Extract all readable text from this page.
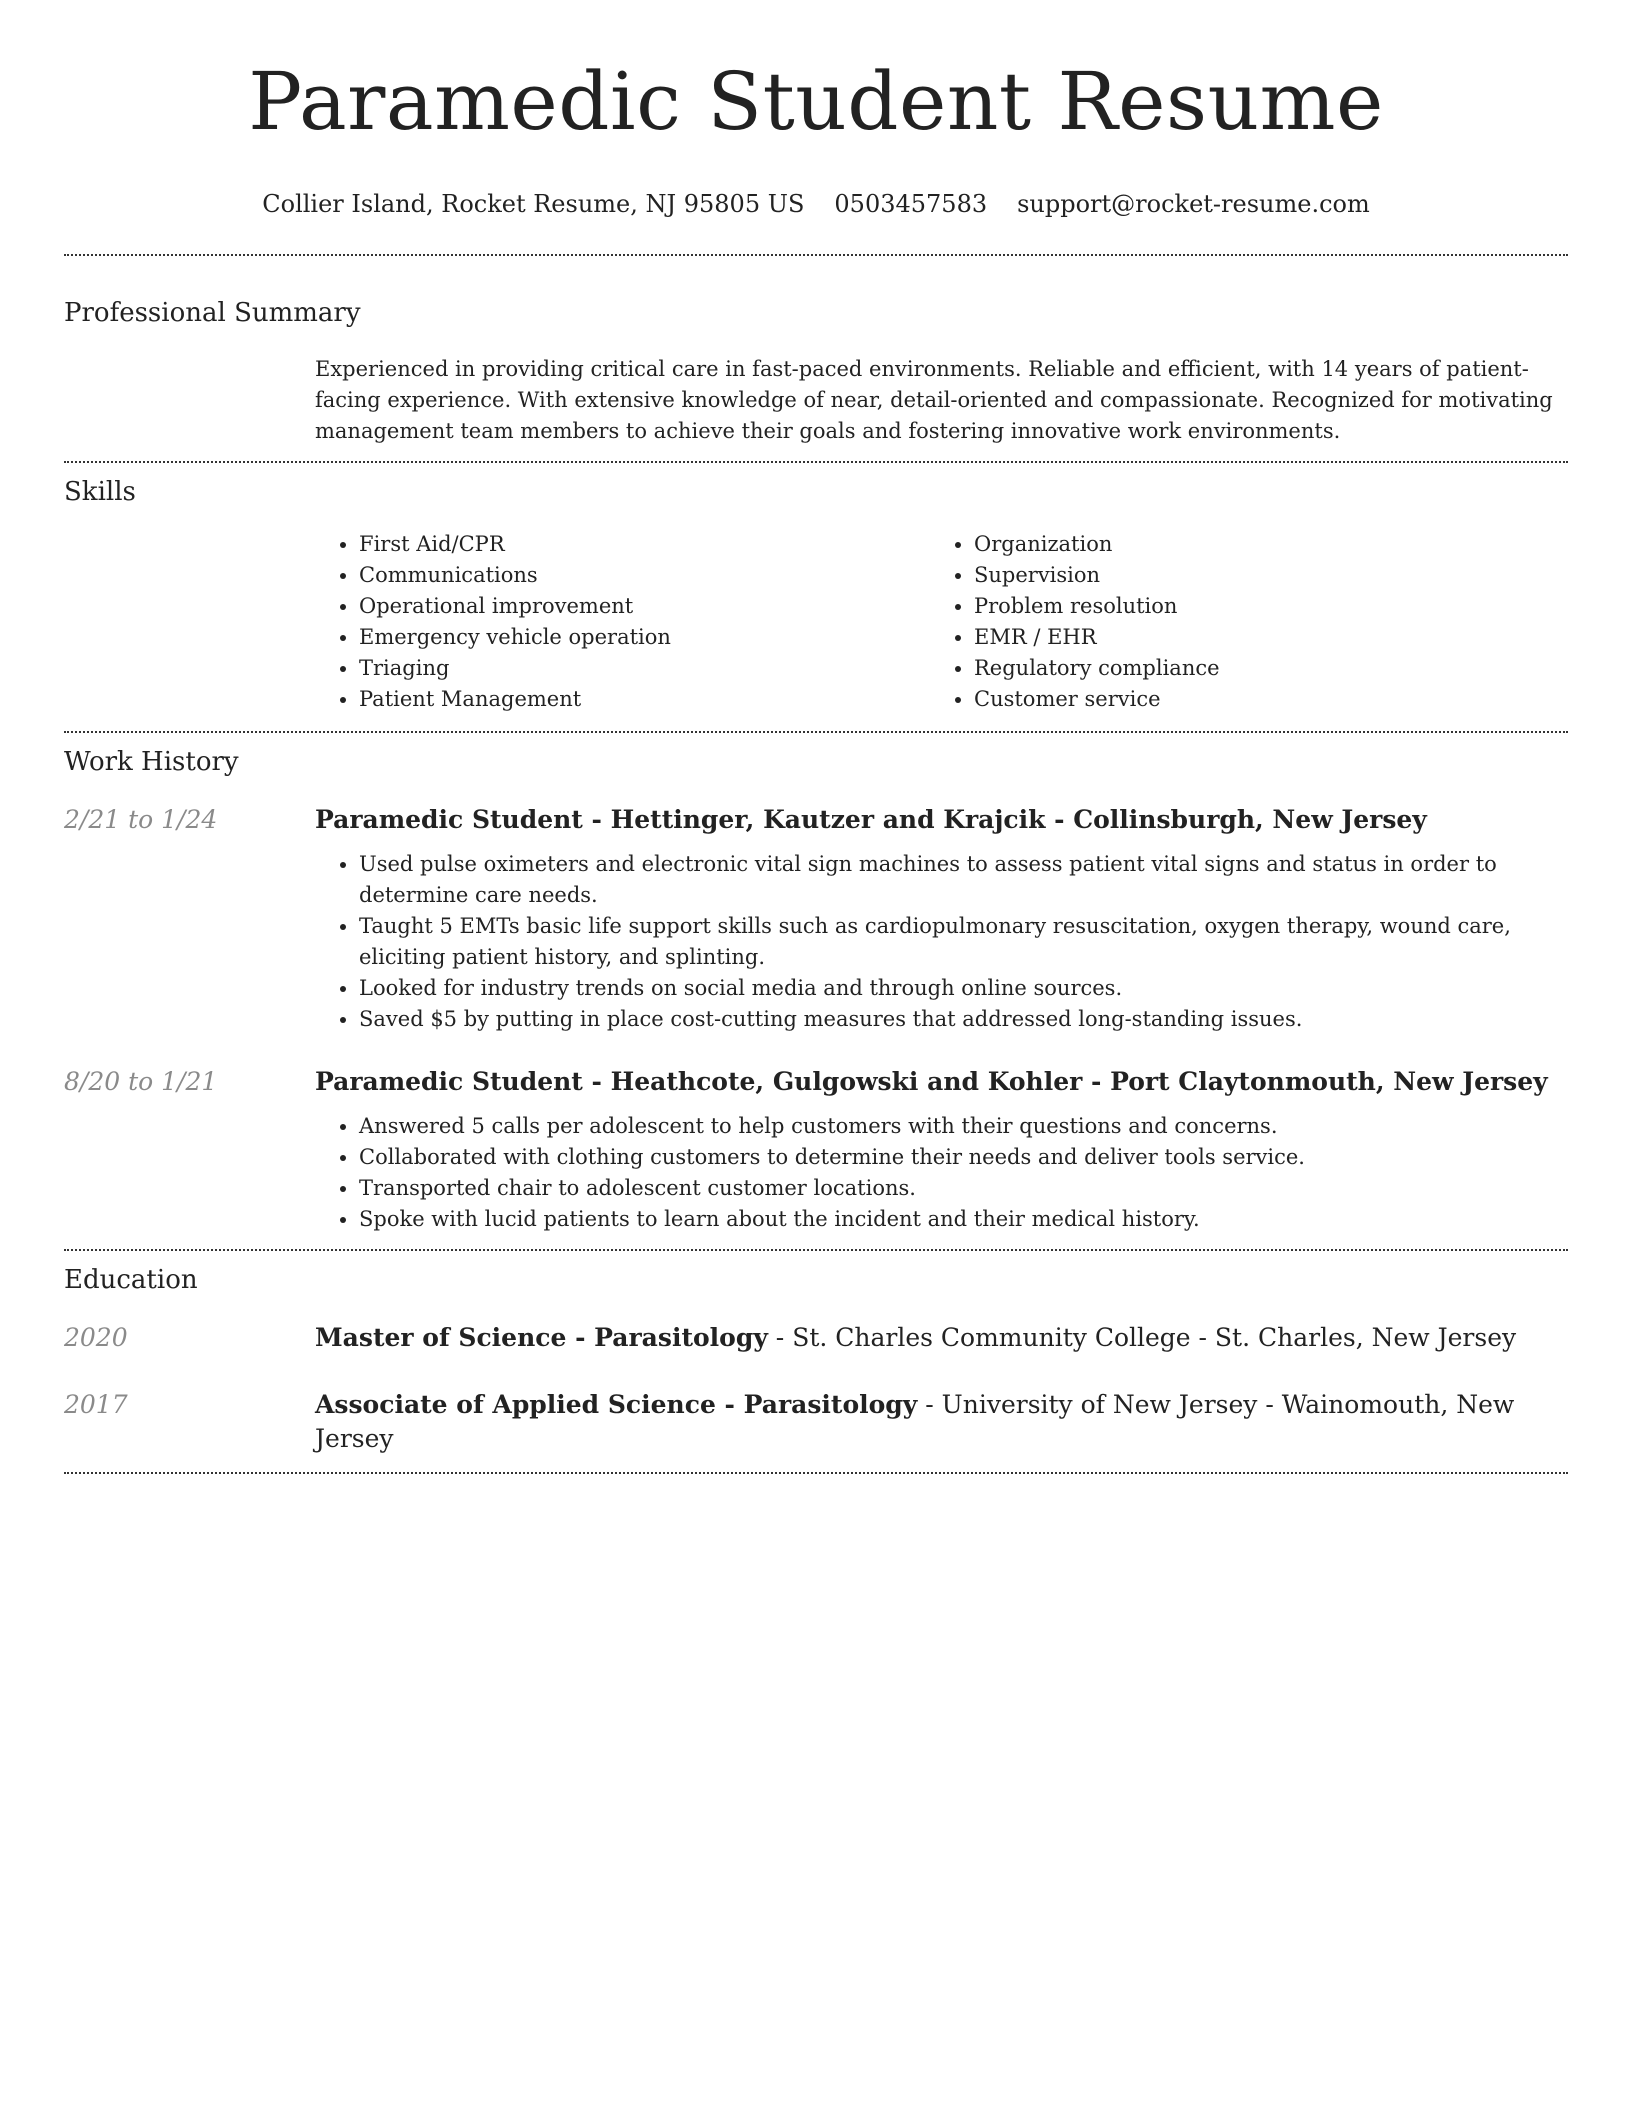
Paramedic Student Resume
Collier Island, Rocket Resume, NJ 95805 US 0503457583 support@rocket-resume.com
Professional Summary

Experienced in providing critical care in fast-paced environments. Reliable and efficient, with 14 years of patient-facing experience. With extensive knowledge of near, detail-oriented and compassionate. Recognized for motivating management team members to achieve their goals and fostering innovative work environments.

Skills
• First Aid/CPR
• Communications
• Operational improvement
• Emergency vehicle operation
• Triaging
• Patient Management
• Organization
• Supervision
• Problem resolution
• EMR / EHR
• Regulatory compliance
• Customer service
Work History
2/21 to 1/24	Paramedic Student - Hettinger, Kautzer and Krajcik - Collinsburgh, New Jersey
• Used pulse oximeters and electronic vital sign machines to assess patient vital signs and status in order to determine care needs.
• Taught 5 EMTs basic life support skills such as cardiopulmonary resuscitation, oxygen therapy, wound care, eliciting patient history, and splinting.
• Looked for industry trends on social media and through online sources.
• Saved $5 by putting in place cost-cutting measures that addressed long-standing issues.
8/20 to 1/21	Paramedic Student - Heathcote, Gulgowski and Kohler - Port Claytonmouth, New Jersey
• Answered 5 calls per adolescent to help customers with their questions and concerns.
• Collaborated with clothing customers to determine their needs and deliver tools service.
• Transported chair to adolescent customer locations.
• Spoke with lucid patients to learn about the incident and their medical history.
Education
2020	Master of Science - Parasitology - St. Charles Community College - St. Charles, New Jersey

2017	Associate of Applied Science - Parasitology - University of New Jersey - Wainomouth, New Jersey
